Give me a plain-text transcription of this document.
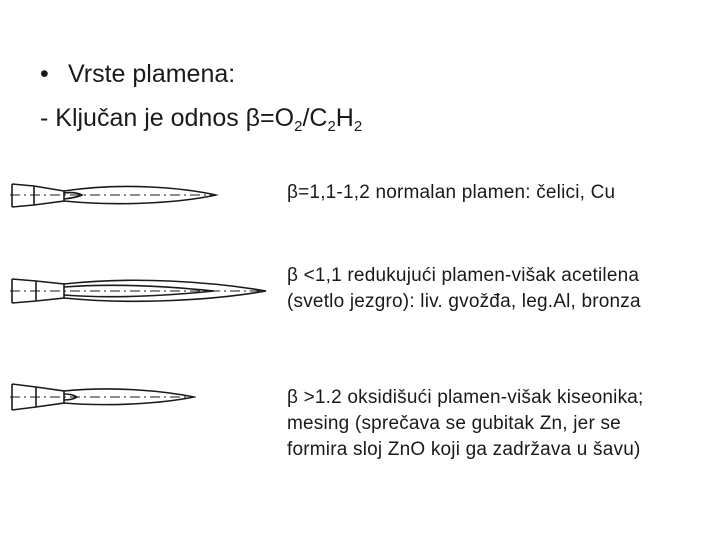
• Vrste plamena:
- Ključan je odnos $\beta=O_2/C_2H_2$
β=1,1-1,2 normalan plamen: čelici, Cu
β <1,1 redukujući plamen-višak acetilena
(svetlo jezgro): liv. gvožđa, leg.Al, bronza
β >1.2 oksidišući plamen-višak kiseonika;
mesing (sprečava se gubitak Zn, jer se
formira sloj ZnO koji ga zadržava u šavu)
